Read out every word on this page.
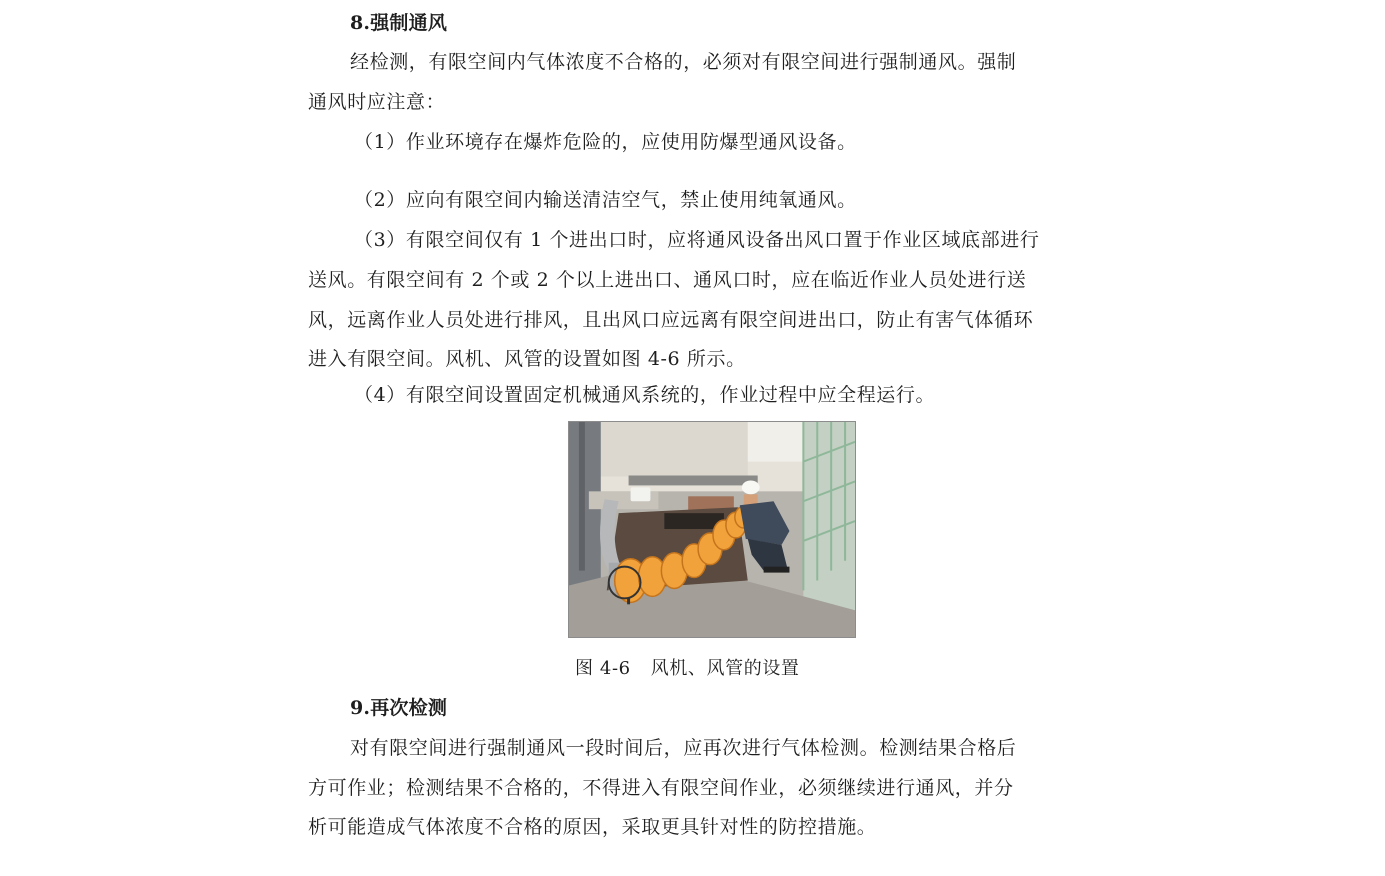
8.强制通风
经检测，有限空间内气体浓度不合格的，必须对有限空间进行强制通风。强制
通风时应注意：
（1）作业环境存在爆炸危险的，应使用防爆型通风设备。
（2）应向有限空间内输送清洁空气，禁止使用纯氧通风。
（3）有限空间仅有 1 个进出口时，应将通风设备出风口置于作业区域底部进行
送风。有限空间有 2 个或 2 个以上进出口、通风口时，应在临近作业人员处进行送
风，远离作业人员处进行排风，且出风口应远离有限空间进出口，防止有害气体循环
进入有限空间。风机、风管的设置如图 4-6 所示。
（4）有限空间设置固定机械通风系统的，作业过程中应全程运行。
图 4-6 风机、风管的设置
9.再次检测
对有限空间进行强制通风一段时间后，应再次进行气体检测。检测结果合格后
方可作业；检测结果不合格的，不得进入有限空间作业，必须继续进行通风，并分
析可能造成气体浓度不合格的原因，采取更具针对性的防控措施。
